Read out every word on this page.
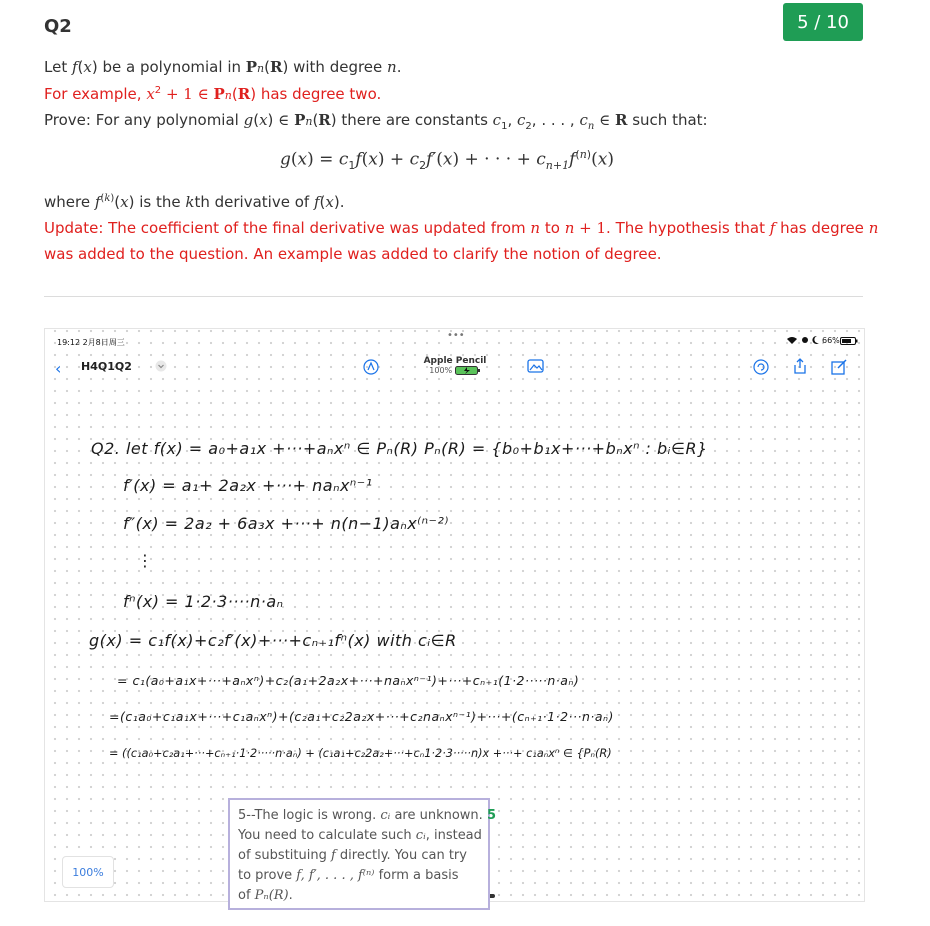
Q2	5 / 10
Let f(x) be a polynomial in Pn(R) with degree n.
For example, $x^2 + 1$ ∈ Pn(R) has degree two.
Prove: For any polynomial g(x) ∈ Pn(R) there are constants $c_1$, $c_2$, . . . , $c_n$ ∈ R such that:
$g(x) = c_1f(x) + c_2f'(x)$ + · · · + $c_{n+1}f^{(n)}(x)$
where $f^{(k)}(x)$ is the kth derivative of f(x).
Update: The coefficient of the final derivative was updated from n to n + 1. The hypothesis that f has degree n
was added to the question. An example was added to clarify the notion of degree.
19:12 2月8日周三
•••	66%
‹ H4Q1Q2	Apple Pencil
100%
Q2. let f(x) = a₀+a₁x +···+aₙxⁿ ∈ Pₙ(R) Pₙ(R) = {b₀+b₁x+···+bₙxⁿ : bᵢ∈R}
f′(x) = a₁+ 2a₂x +···+ naₙxⁿ⁻¹
f″(x) = 2a₂ + 6a₃x +···+ n(n−1)aₙx⁽ⁿ⁻²⁾
⋮
fⁿ(x) = 1·2·3····n·aₙ
g(x) = c₁f(x)+c₂f′(x)+···+cₙ₊₁fⁿ(x) with cᵢ∈R
= c₁(a₀+a₁x+···+aₙxⁿ)+c₂(a₁+2a₂x+···+naₙxⁿ⁻¹)+···+cₙ₊₁(1·2·····n·aₙ)
=(c₁a₀+c₁a₁x+···+c₁aₙxⁿ)+(c₂a₁+c₂2a₂x+···+c₂naₙxⁿ⁻¹)+···+(cₙ₊₁·1·2···n·aₙ)
= ((c₁a₀+c₂a₁+···+cₙ₊₁·1·2·····n·aₙ) + (c₁a₁+c₂2a₂+···+cₙ1·2·3·····n)x +···+ c₁aₙxⁿ ∈ {Pₙ(R)
100%
5--The logic is wrong. cᵢ are unknown. 5
You need to calculate such cᵢ, instead
of substituing f directly. You can try
to prove f, f′, . . . , f⁽ⁿ⁾ form a basis
of Pₙ(R).
